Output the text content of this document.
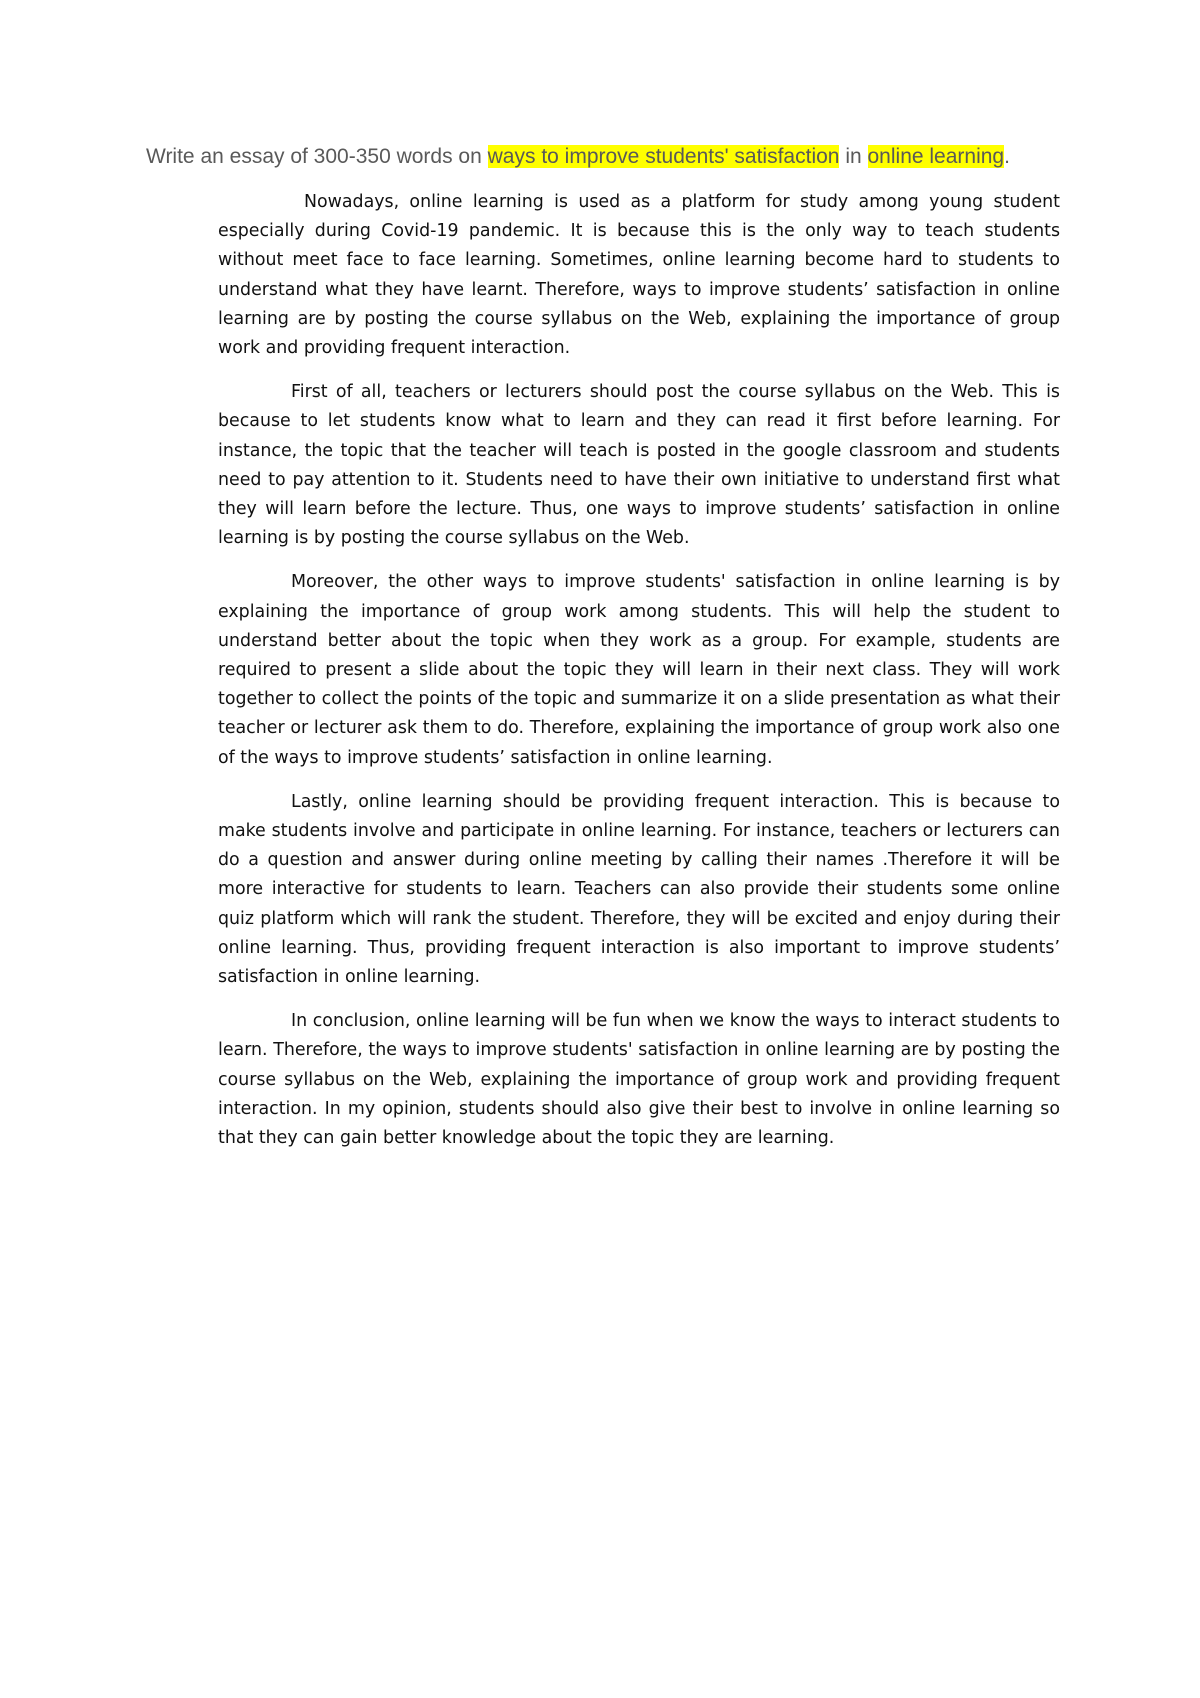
Write an essay of 300-350 words on ways to improve students' satisfaction in online learning.

Nowadays, online learning is used as a platform for study among young student especially during Covid-19 pandemic. It is because this is the only way to teach students without meet face to face learning. Sometimes, online learning become hard to students to understand what they have learnt. Therefore, ways to improve students’ satisfaction in online learning are by posting the course syllabus on the Web, explaining the importance of group work and providing frequent interaction.

First of all, teachers or lecturers should post the course syllabus on the Web. This is because to let students know what to learn and they can read it first before learning. For instance, the topic that the teacher will teach is posted in the google classroom and students need to pay attention to it. Students need to have their own initiative to understand first what they will learn before the lecture. Thus, one ways to improve students’ satisfaction in online learning is by posting the course syllabus on the Web.

Moreover, the other ways to improve students' satisfaction in online learning is by explaining the importance of group work among students. This will help the student to understand better about the topic when they work as a group. For example, students are required to present a slide about the topic they will learn in their next class. They will work together to collect the points of the topic and summarize it on a slide presentation as what their teacher or lecturer ask them to do. Therefore, explaining the importance of group work also one of the ways to improve students’ satisfaction in online learning.

Lastly, online learning should be providing frequent interaction. This is because to make students involve and participate in online learning. For instance, teachers or lecturers can do a question and answer during online meeting by calling their names .Therefore it will be more interactive for students to learn. Teachers can also provide their students some online quiz platform which will rank the student. Therefore, they will be excited and enjoy during their online learning. Thus, providing frequent interaction is also important to improve students’ satisfaction in online learning.

In conclusion, online learning will be fun when we know the ways to interact students to learn. Therefore, the ways to improve students' satisfaction in online learning are by posting the course syllabus on the Web, explaining the importance of group work and providing frequent interaction. In my opinion, students should also give their best to involve in online learning so that they can gain better knowledge about the topic they are learning.
